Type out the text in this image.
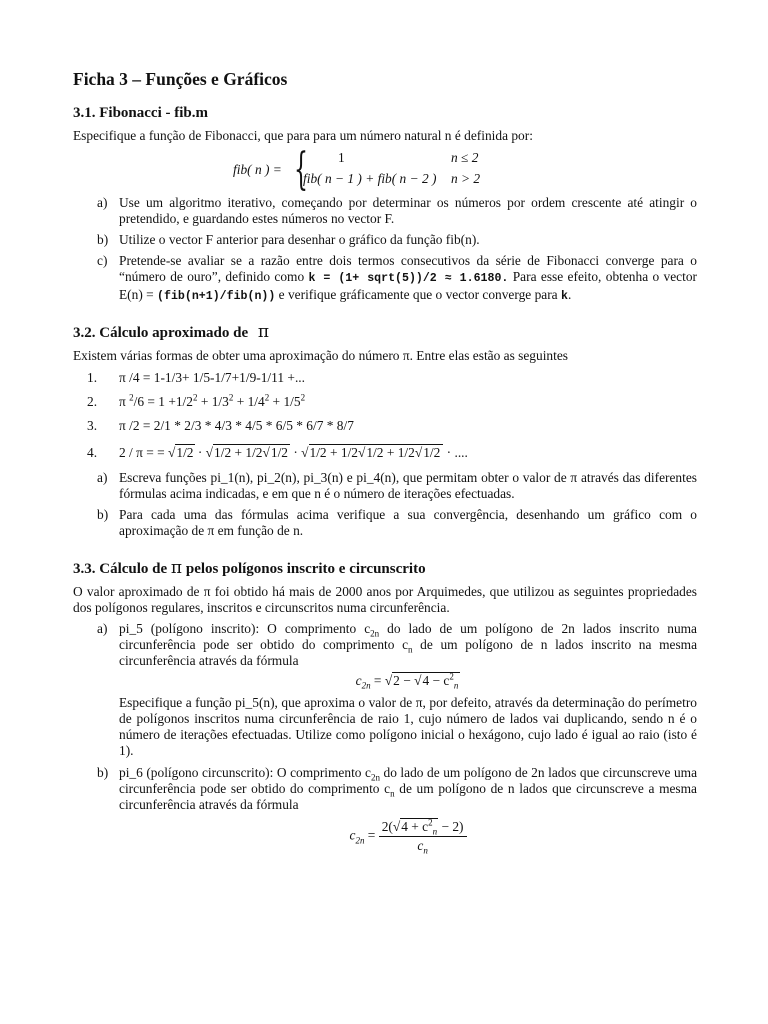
Ficha 3 – Funções e Gráficos
3.1. Fibonacci - fib.m

Especifique a função de Fibonacci, que para para um número natural n é definida por:

fib( n ) = { 1	n ≤ 2
fib( n − 1 ) + fib( n − 2 ) n > 2
a) Use um algoritmo iterativo, começando por determinar os números por ordem crescente até atingir o pretendido, e guardando estes números no vector F.
b) Utilize o vector F anterior para desenhar o gráfico da função fib(n).
c) Pretende-se avaliar se a razão entre dois termos consecutivos da série de Fibonacci converge para o “número de ouro”, definido como k = (1+ sqrt(5))/2 ≈ 1.6180. Para esse efeito, obtenha o vector E(n) = (fib(n+1)/fib(n)) e verifique gráficamente que o vector converge para k.
3.2. Cálculo aproximado de π

Existem várias formas de obter uma aproximação do número π. Entre elas estão as seguintes

1. π /4 = 1-1/3+ 1/5-1/7+1/9-1/11 +...
2. π $^2/6 = 1 +1/2^2 + 1/3^2 + 1/4^2 + 1/5^2$
3. π /2 = 2/1 * 2/3 * 4/3 * 4/5 * 6/5 * 6/7 * 8/7
4. 2 / π = = √1/2 · √1/2 + 1/2√1/2 · √1/2 + 1/2√1/2 + 1/2√1/2 · ....
a) Escreva funções pi_1(n), pi_2(n), pi_3(n) e pi_4(n), que permitam obter o valor de π através das diferentes fórmulas acima indicadas, e em que n é o número de iterações efectuadas.
b) Para cada uma das fórmulas acima verifique a sua convergência, desenhando um gráfico com o aproximação de π em função de n.
3.3. Cálculo de π pelos polígonos inscrito e circunscrito

O valor aproximado de π foi obtido há mais de 2000 anos por Arquimedes, que utilizou as seguintes propriedades dos polígonos regulares, inscritos e circunscritos numa circunferência.

a) pi_5 (polígono inscrito): O comprimento $c_{2n}$ do lado de um polígono de 2n lados inscrito numa circunferência pode ser obtido do comprimento $c_n$ de um polígono de n lados inscrito na mesma circunferência através da fórmula
$c_{2n} = √2 - √4 - c^2_n$

Especifique a função pi_5(n), que aproxima o valor de π, por defeito, através da determinação do perímetro de polígonos inscritos numa circunferência de raio 1, cujo número de lados vai duplicando, sendo n é o número de iterações efectuadas. Utilize como polígono inicial o hexágono, cujo lado é igual ao raio (isto é 1).

b) pi_6 (polígono circunscrito): O comprimento $c_{2n}$ do lado de um polígono de 2n lados que circunscreve uma circunferência pode ser obtido do comprimento $c_n$ de um polígono de n lados que circunscreve a mesma circunferência através da fórmula
$c_{2n} = \frac{2(√4 + c^2_n - 2)}{c_n}$
